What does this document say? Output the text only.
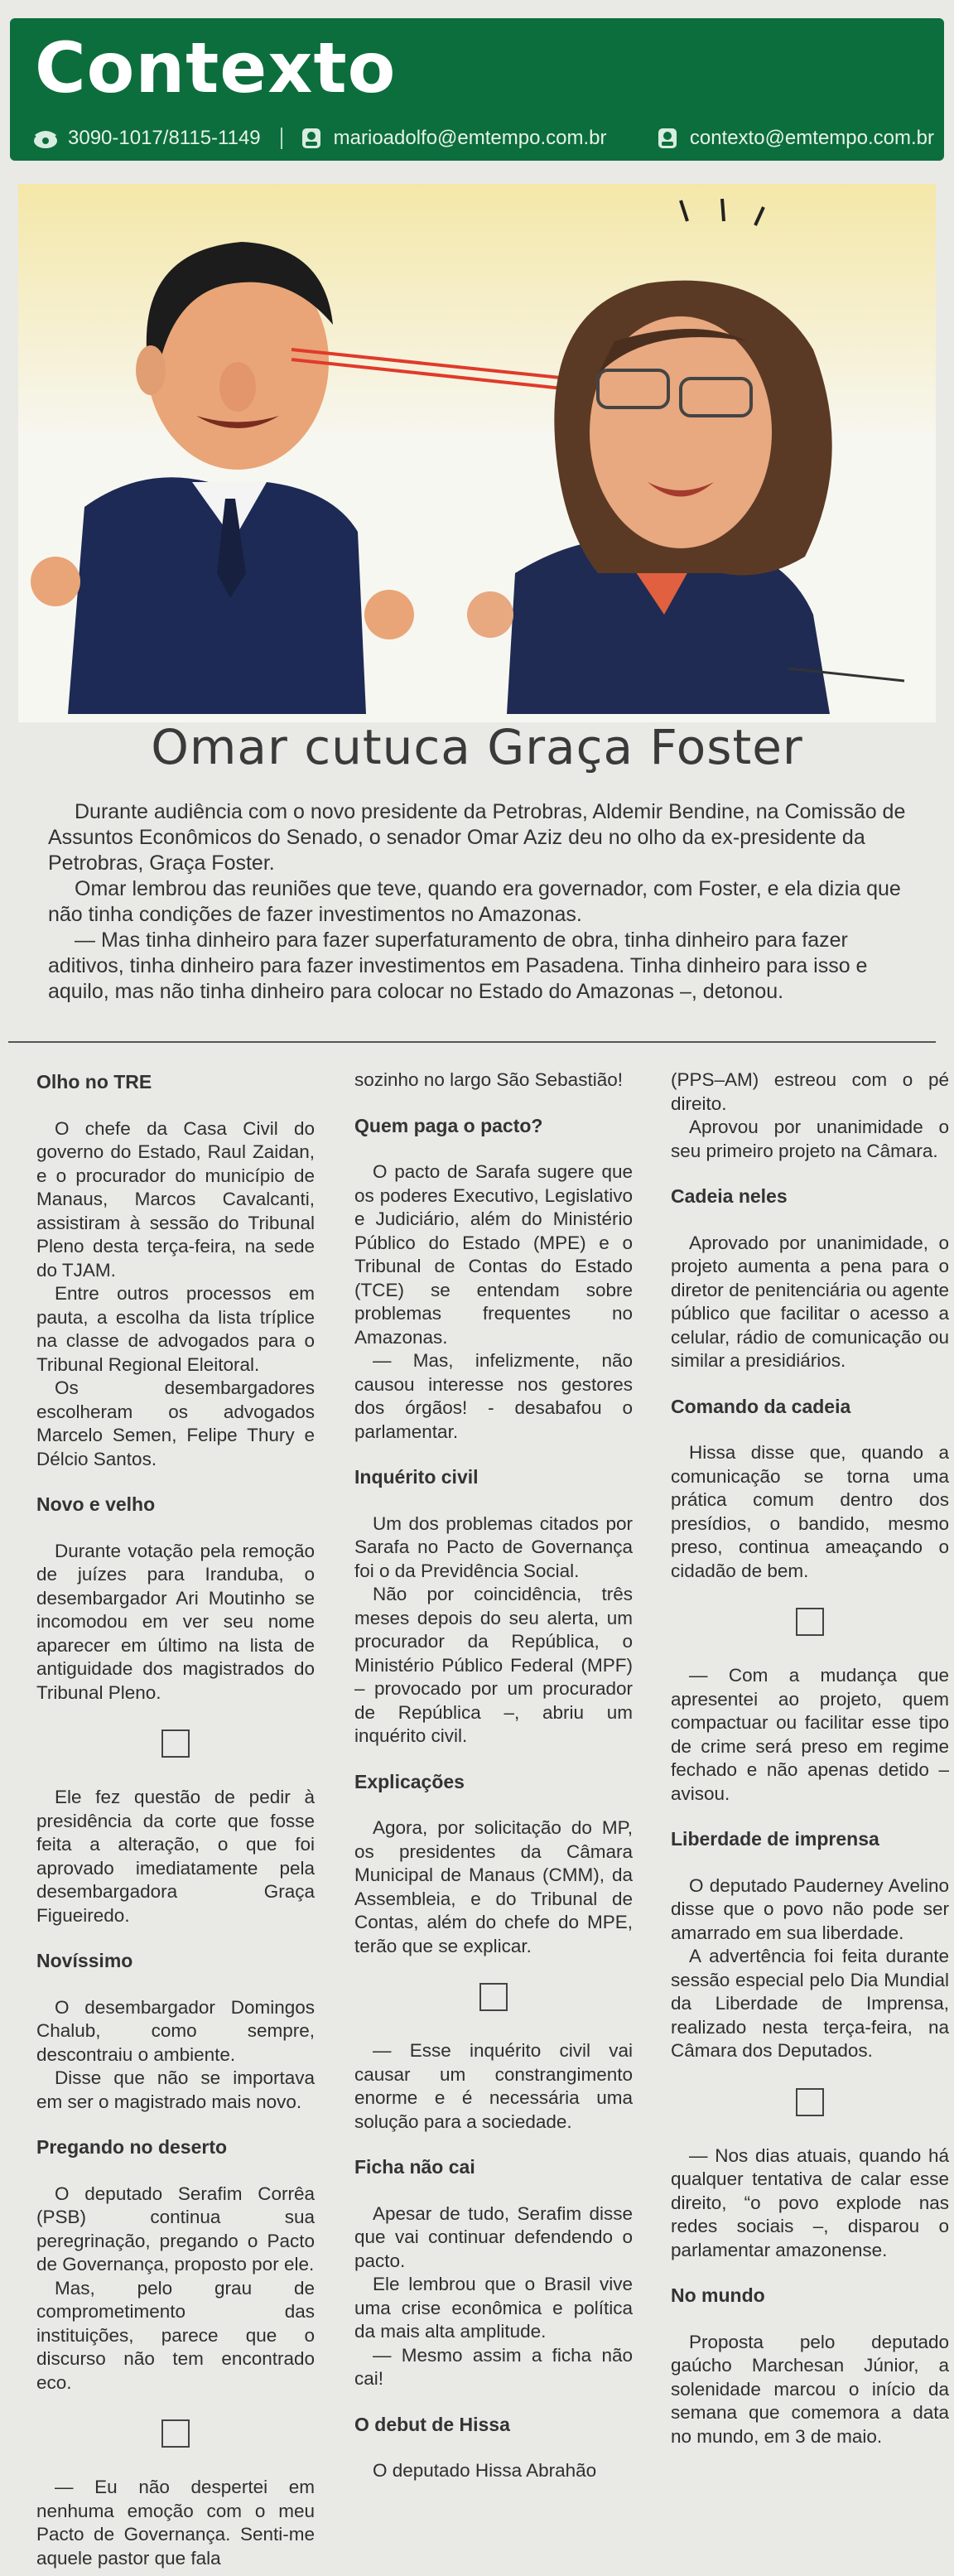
Contexto
3090-1017/8115-1149	marioadolfo@emtempo.com.br	contexto@emtempo.com.br
Omar cutuca Graça Foster

Durante audiência com o novo presidente da Petrobras, Aldemir Bendine, na Comissão de Assuntos Econômicos do Senado, o senador Omar Aziz deu no olho da ex-presidente da Petrobras, Graça Foster.

Omar lembrou das reuniões que teve, quando era governador, com Foster, e ela dizia que não tinha condições de fazer investimentos no Amazonas.

— Mas tinha dinheiro para fazer superfaturamento de obra, tinha dinheiro para fazer aditivos, tinha dinheiro para fazer investimentos em Pasadena. Tinha dinheiro para isso e aquilo, mas não tinha dinheiro para colocar no Estado do Amazonas –, detonou.

Olho no TRE

O chefe da Casa Civil do governo do Estado, Raul Zaidan, e o procurador do município de Manaus, Marcos Cavalcanti, assistiram à sessão do Tribunal Pleno desta terça-feira, na sede do TJAM.

Entre outros processos em pauta, a escolha da lista tríplice na classe de advogados para o Tribunal Regional Eleitoral.

Os desembargadores escolheram os advogados Marcelo Semen, Felipe Thury e Délcio Santos.

Novo e velho

Durante votação pela remoção de juízes para Iranduba, o desembargador Ari Moutinho se incomodou em ver seu nome aparecer em último na lista de antiguidade dos magistrados do Tribunal Pleno.

Ele fez questão de pedir à presidência da corte que fosse feita a alteração, o que foi aprovado imediatamente pela desembargadora Graça Figueiredo.

Novíssimo

O desembargador Domingos Chalub, como sempre, descontraiu o ambiente.

Disse que não se importava em ser o magistrado mais novo.

Pregando no deserto

O deputado Serafim Corrêa (PSB) continua sua peregrinação, pregando o Pacto de Governança, proposto por ele.

Mas, pelo grau de comprometimento das instituições, parece que o discurso não tem encontrado eco.

— Eu não despertei em nenhuma emoção com o meu Pacto de Governança. Senti-me aquele pastor que fala

sozinho no largo São Sebastião!

Quem paga o pacto?

O pacto de Sarafa sugere que os poderes Executivo, Legislativo e Judiciário, além do Ministério Público do Estado (MPE) e o Tribunal de Contas do Estado (TCE) se entendam sobre problemas frequentes no Amazonas.

— Mas, infelizmente, não causou interesse nos gestores dos órgãos! - desabafou o parlamentar.

Inquérito civil

Um dos problemas citados por Sarafa no Pacto de Governança foi o da Previdência Social.

Não por coincidência, três meses depois do seu alerta, um procurador da República, o Ministério Público Federal (MPF) – provocado por um procurador de República –, abriu um inquérito civil.

Explicações

Agora, por solicitação do MP, os presidentes da Câmara Municipal de Manaus (CMM), da Assembleia, e do Tribunal de Contas, além do chefe do MPE, terão que se explicar.

— Esse inquérito civil vai causar um constrangimento enorme e é necessária uma solução para a sociedade.

Ficha não cai

Apesar de tudo, Serafim disse que vai continuar defendendo o pacto.

Ele lembrou que o Brasil vive uma crise econômica e política da mais alta amplitude.

— Mesmo assim a ficha não cai!

O debut de Hissa

O deputado Hissa Abrahão

(PPS–AM) estreou com o pé direito.

Aprovou por unanimidade o seu primeiro projeto na Câmara.

Cadeia neles

Aprovado por unanimidade, o projeto aumenta a pena para o diretor de penitenciária ou agente público que facilitar o acesso a celular, rádio de comunicação ou similar a presidiários.

Comando da cadeia

Hissa disse que, quando a comunicação se torna uma prática comum dentro dos presídios, o bandido, mesmo preso, continua ameaçando o cidadão de bem.

— Com a mudança que apresentei ao projeto, quem compactuar ou facilitar esse tipo de crime será preso em regime fechado e não apenas detido – avisou.

Liberdade de imprensa

O deputado Pauderney Avelino disse que o povo não pode ser amarrado em sua liberdade.

A advertência foi feita durante sessão especial pelo Dia Mundial da Liberdade de Imprensa, realizado nesta terça-feira, na Câmara dos Deputados.

— Nos dias atuais, quando há qualquer tentativa de calar esse direito, “o povo explode nas redes sociais –, disparou o parlamentar amazonense.

No mundo

Proposta pelo deputado gaúcho Marchesan Júnior, a solenidade marcou o início da semana que comemora a data no mundo, em 3 de maio.
